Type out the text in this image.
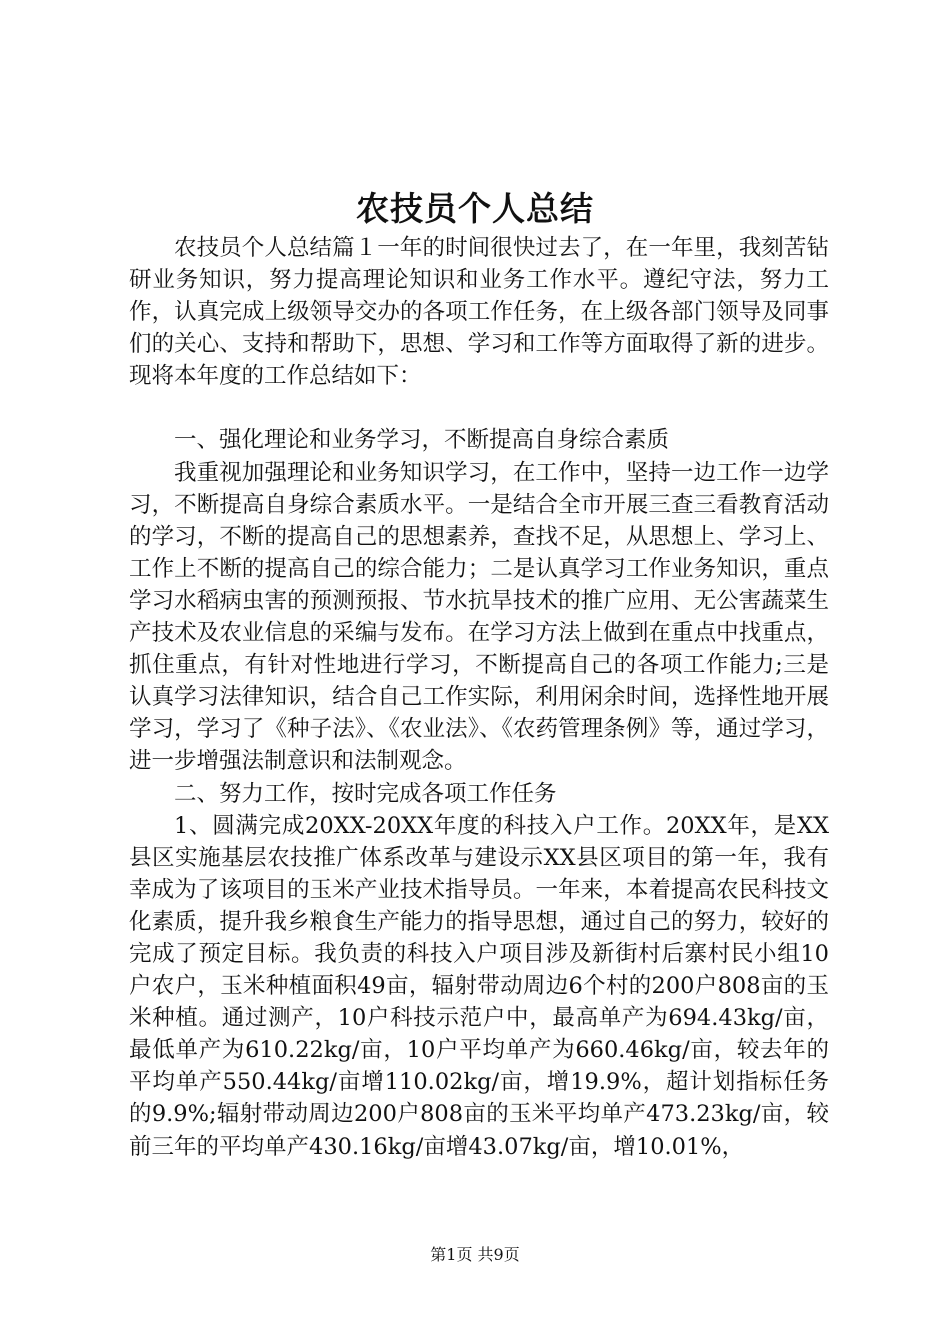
农技员个人总结

农技员个人总结篇１一年的时间很快过去了，在一年里，我刻苦钻研业务知识，努力提高理论知识和业务工作水平。遵纪守法，努力工作，认真完成上级领导交办的各项工作任务，在上级各部门领导及同事们的关心、支持和帮助下，思想、学习和工作等方面取得了新的进步。现将本年度的工作总结如下：

一、强化理论和业务学习，不断提高自身综合素质

我重视加强理论和业务知识学习，在工作中，坚持一边工作一边学习，不断提高自身综合素质水平。一是结合全市开展三查三看教育活动的学习，不断的提高自己的思想素养，查找不足，从思想上、学习上、工作上不断的提高自己的综合能力；二是认真学习工作业务知识，重点学习水稻病虫害的预测预报、节水抗旱技术的推广应用、无公害蔬菜生产技术及农业信息的采编与发布。在学习方法上做到在重点中找重点，抓住重点，有针对性地进行学习，不断提高自己的各项工作能力;三是认真学习法律知识，结合自己工作实际，利用闲余时间，选择性地开展学习，学习了《种子法》、《农业法》、《农药管理条例》等，通过学习，进一步增强法制意识和法制观念。

二、努力工作，按时完成各项工作任务

1、圆满完成20XX-20XX年度的科技入户工作。20XX年，是XX县区实施基层农技推广体系改革与建设示XX县区项目的第一年，我有幸成为了该项目的玉米产业技术指导员。一年来，本着提高农民科技文化素质，提升我乡粮食生产能力的指导思想，通过自己的努力，较好的完成了预定目标。我负责的科技入户项目涉及新街村后寨村民小组10户农户，玉米种植面积49亩，辐射带动周边6个村的200户808亩的玉米种植。通过测产，10户科技示范户中，最高单产为694.43kg/亩，最低单产为610.22kg/亩，10户平均单产为660.46kg/亩，较去年的平均单产550.44kg/亩增110.02kg/亩，增19.9%，超计划指标任务的9.9%;辐射带动周边200户808亩的玉米平均单产473.23kg/亩，较前三年的平均单产430.16kg/亩增43.07kg/亩，增10.01%，

第1页 共9页
